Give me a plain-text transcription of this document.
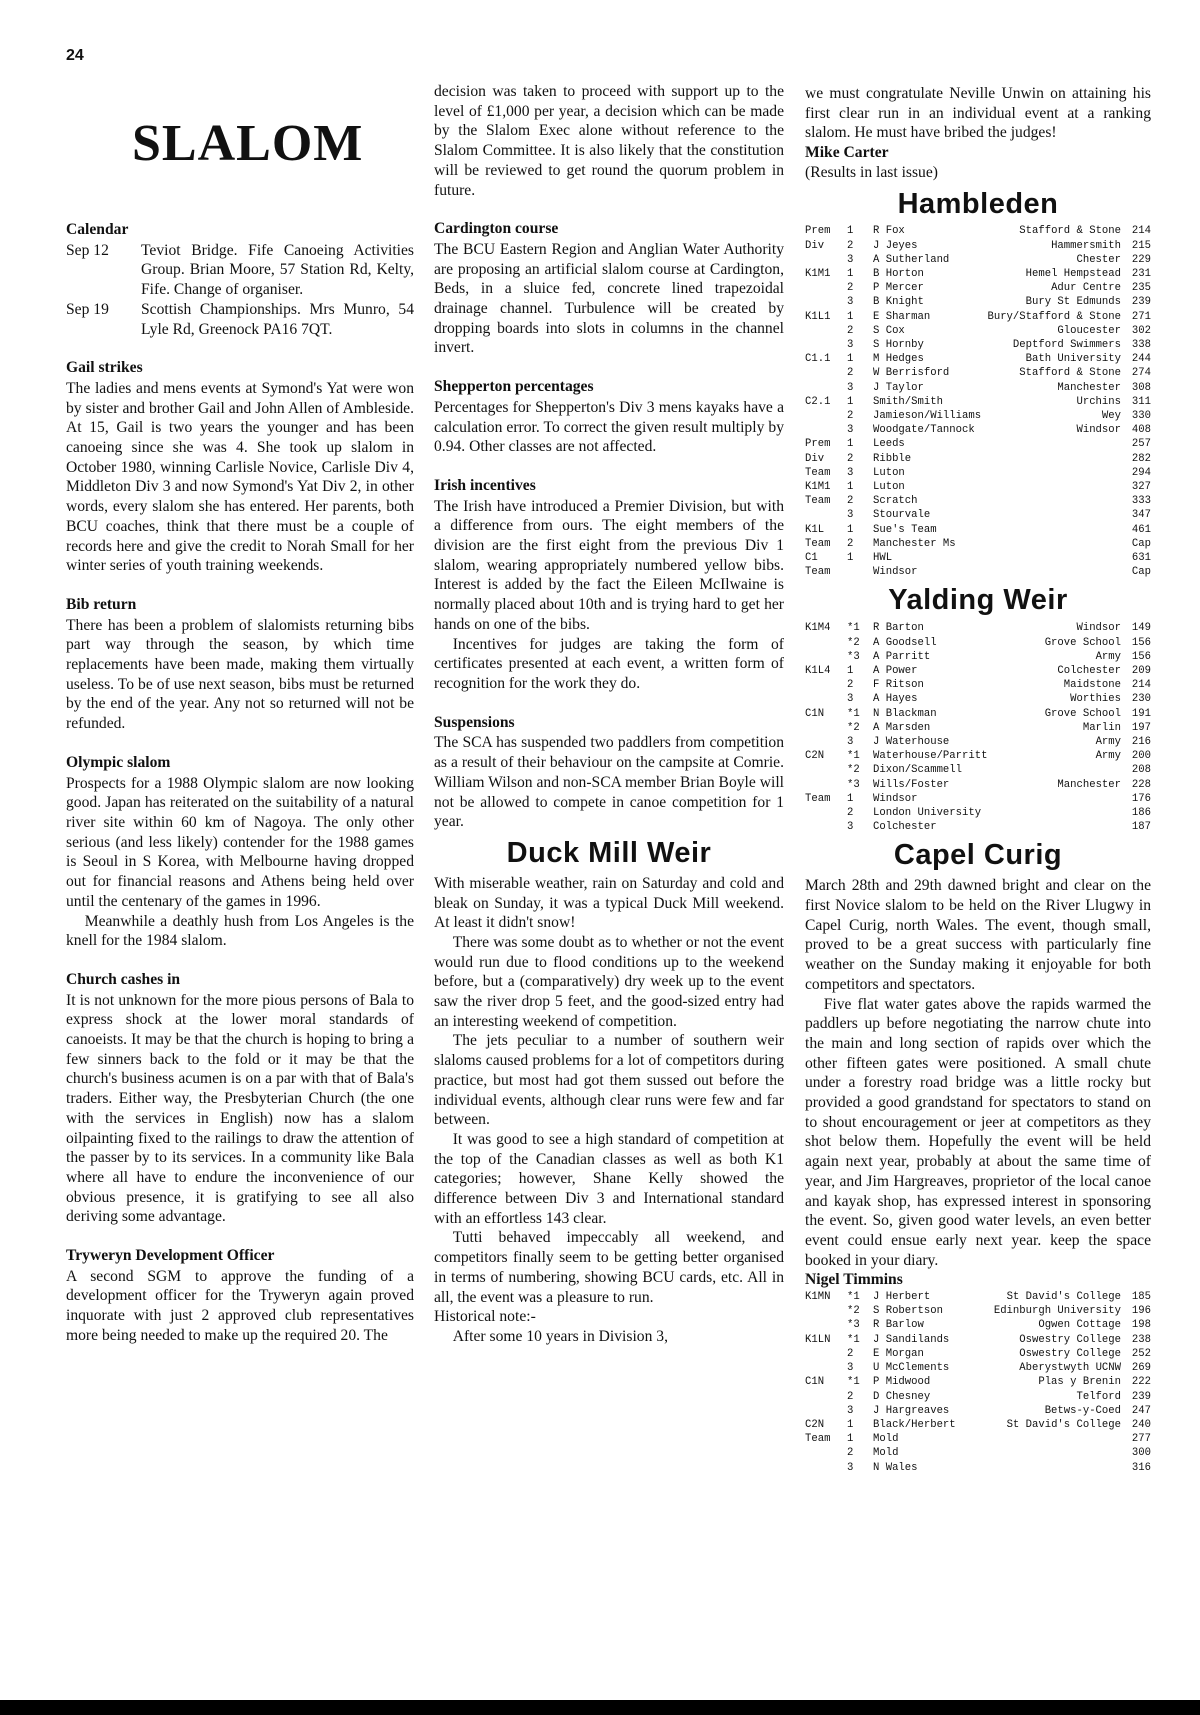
24
SLALOM
Calendar
Sep 12	Teviot Bridge. Fife Canoeing Activities Group. Brian Moore, 57 Station Rd, Kelty, Fife. Change of organiser.
Sep 19	Scottish Championships. Mrs Munro, 54 Lyle Rd, Greenock PA16 7QT.
Gail strikes

The ladies and mens events at Symond's Yat were won by sister and brother Gail and John Allen of Ambleside. At 15, Gail is two years the younger and has been canoeing since she was 4. She took up slalom in October 1980, winning Carlisle Novice, Carlisle Div 4, Middleton Div 3 and now Symond's Yat Div 2, in other words, every slalom she has entered. Her parents, both BCU coaches, think that there must be a couple of records here and give the credit to Norah Small for her winter series of youth training weekends.

Bib return

There has been a problem of slalomists returning bibs part way through the season, by which time replacements have been made, making them virtually useless. To be of use next season, bibs must be returned by the end of the year. Any not so returned will not be refunded.

Olympic slalom

Prospects for a 1988 Olympic slalom are now looking good. Japan has reiterated on the suitability of a natural river site within 60 km of Nagoya. The only other serious (and less likely) contender for the 1988 games is Seoul in S Korea, with Melbourne having dropped out for financial reasons and Athens being held over until the centenary of the games in 1996.

Meanwhile a deathly hush from Los Angeles is the knell for the 1984 slalom.

Church cashes in

It is not unknown for the more pious persons of Bala to express shock at the lower moral standards of canoeists. It may be that the church is hoping to bring a few sinners back to the fold or it may be that the church's business acumen is on a par with that of Bala's traders. Either way, the Presbyterian Church (the one with the services in English) now has a slalom oilpainting fixed to the railings to draw the attention of the passer by to its services. In a community like Bala where all have to endure the inconvenience of our obvious presence, it is gratifying to see all also deriving some advantage.

Tryweryn Development Officer

A second SGM to approve the funding of a development officer for the Tryweryn again proved inquorate with just 2 approved club representatives more being needed to make up the required 20. The

decision was taken to proceed with support up to the level of £1,000 per year, a decision which can be made by the Slalom Exec alone without reference to the Slalom Committee. It is also likely that the constitution will be reviewed to get round the quorum problem in future.

Cardington course

The BCU Eastern Region and Anglian Water Authority are proposing an artificial slalom course at Cardington, Beds, in a sluice fed, concrete lined trapezoidal drainage channel. Turbulence will be created by dropping boards into slots in columns in the channel invert.

Shepperton percentages

Percentages for Shepperton's Div 3 mens kayaks have a calculation error. To correct the given result multiply by 0.94. Other classes are not affected.

Irish incentives

The Irish have introduced a Premier Division, but with a difference from ours. The eight members of the division are the first eight from the previous Div 1 slalom, wearing appropriately numbered yellow bibs. Interest is added by the fact the Eileen McIlwaine is normally placed about 10th and is trying hard to get her hands on one of the bibs.

Incentives for judges are taking the form of certificates presented at each event, a written form of recognition for the work they do.

Suspensions

The SCA has suspended two paddlers from competition as a result of their behaviour on the campsite at Comrie. William Wilson and non-SCA member Brian Boyle will not be allowed to compete in canoe competition for 1 year.

Duck Mill Weir

With miserable weather, rain on Saturday and cold and bleak on Sunday, it was a typical Duck Mill weekend. At least it didn't snow!

There was some doubt as to whether or not the event would run due to flood conditions up to the weekend before, but a (comparatively) dry week up to the event saw the river drop 5 feet, and the good-sized entry had an interesting weekend of competition.

The jets peculiar to a number of southern weir slaloms caused problems for a lot of competitors during practice, but most had got them sussed out before the individual events, although clear runs were few and far between.

It was good to see a high standard of competition at the top of the Canadian classes as well as both K1 categories; however, Shane Kelly showed the difference between Div 3 and International standard with an effortless 143 clear.

Tutti behaved impeccably all weekend, and competitors finally seem to be getting better organised in terms of numbering, showing BCU cards, etc. All in all, the event was a pleasure to run.

Historical note:-

After some 10 years in Division 3,

we must congratulate Neville Unwin on attaining his first clear run in an individual event at a ranking slalom. He must have bribed the judges!

Mike Carter
(Results in last issue)
Hambleden
Prem	1	R Fox	Stafford & Stone	214
Div	2	J Jeyes	Hammersmith	215
	3	A Sutherland	Chester	229
K1M1	1	B Horton	Hemel Hempstead	231
	2	P Mercer	Adur Centre	235
	3	B Knight	Bury St Edmunds	239
K1L1	1	E Sharman	Bury/Stafford & Stone	271
	2	S Cox	Gloucester	302
	3	S Hornby	Deptford Swimmers	338
C1.1	1	M Hedges	Bath University	244
	2	W Berrisford	Stafford & Stone	274
	3	J Taylor	Manchester	308
C2.1	1	Smith/Smith	Urchins	311
	2	Jamieson/Williams	Wey	330
	3	Woodgate/Tannock	Windsor	408
Prem	1	Leeds		257
Div	2	Ribble		282
Team	3	Luton		294
K1M1	1	Luton		327
Team	2	Scratch		333
	3	Stourvale		347
K1L	1	Sue's Team		461
Team	2	Manchester Ms		Cap
C1	1	HWL		631
Team		Windsor		Cap
Yalding Weir
K1M4	*1	R Barton	Windsor	149
	*2	A Goodsell	Grove School	156
	*3	A Parritt	Army	156
K1L4	1	A Power	Colchester	209
	2	F Ritson	Maidstone	214
	3	A Hayes	Worthies	230
C1N	*1	N Blackman	Grove School	191
	*2	A Marsden	Marlin	197
	3	J Waterhouse	Army	216
C2N	*1	Waterhouse/Parritt	Army	200
	*2	Dixon/Scammell		208
	*3	Wills/Foster	Manchester	228
Team	1	Windsor		176
	2	London University		186
	3	Colchester		187
Capel Curig

March 28th and 29th dawned bright and clear on the first Novice slalom to be held on the River Llugwy in Capel Curig, north Wales. The event, though small, proved to be a great success with particularly fine weather on the Sunday making it enjoyable for both competitors and spectators.

Five flat water gates above the rapids warmed the paddlers up before negotiating the narrow chute into the main and long section of rapids over which the other fifteen gates were positioned. A small chute under a forestry road bridge was a little rocky but provided a good grandstand for spectators to stand on to shout encouragement or jeer at competitors as they shot below them. Hopefully the event will be held again next year, probably at about the same time of year, and Jim Hargreaves, proprietor of the local canoe and kayak shop, has expressed interest in sponsoring the event. So, given good water levels, an even better event could ensue early next year. keep the space booked in your diary.

Nigel Timmins
K1MN	*1	J Herbert	St David's College	185
	*2	S Robertson	Edinburgh University	196
	*3	R Barlow	Ogwen Cottage	198
K1LN	*1	J Sandilands	Oswestry College	238
	2	E Morgan	Oswestry College	252
	3	U McClements	Aberystwyth UCNW	269
C1N	*1	P Midwood	Plas y Brenin	222
	2	D Chesney	Telford	239
	3	J Hargreaves	Betws-y-Coed	247
C2N	1	Black/Herbert	St David's College	240
Team	1	Mold		277
	2	Mold		300
	3	N Wales		316
